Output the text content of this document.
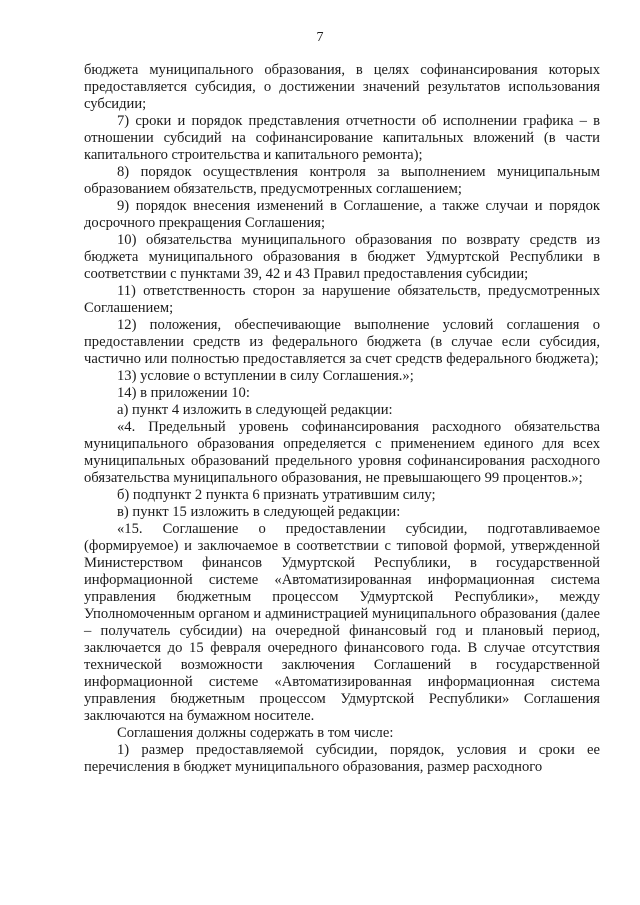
7

бюджета муниципального образования, в целях софинансирования которых предоставляется субсидия, о достижении значений результатов использования субсидии;

7) сроки и порядок представления отчетности об исполнении графика – в отношении субсидий на софинансирование капитальных вложений (в части капитального строительства и капитального ремонта);

8) порядок осуществления контроля за выполнением муниципальным образованием обязательств, предусмотренных соглашением;

9) порядок внесения изменений в Соглашение, а также случаи и порядок досрочного прекращения Соглашения;

10) обязательства муниципального образования по возврату средств из бюджета муниципального образования в бюджет Удмуртской Республики в соответствии с пунктами 39, 42 и 43 Правил предоставления субсидии;

11) ответственность сторон за нарушение обязательств, предусмотренных Соглашением;

12) положения, обеспечивающие выполнение условий соглашения о предоставлении средств из федерального бюджета (в случае если субсидия, частично или полностью предоставляется за счет средств федерального бюджета);

13) условие о вступлении в силу Соглашения.»;

14) в приложении 10:

а) пункт 4 изложить в следующей редакции:

«4. Предельный уровень софинансирования расходного обязательства муниципального образования определяется с применением единого для всех муниципальных образований предельного уровня софинансирования расходного обязательства муниципального образования, не превышающего 99 процентов.»;

б) подпункт 2 пункта 6 признать утратившим силу;

в) пункт 15 изложить в следующей редакции:

«15. Соглашение о предоставлении субсидии, подготавливаемое (формируемое) и заключаемое в соответствии с типовой формой, утвержденной Министерством финансов Удмуртской Республики, в государственной информационной системе «Автоматизированная информационная система управления бюджетным процессом Удмуртской Республики», между Уполномоченным органом и администрацией муниципального образования (далее – получатель субсидии) на очередной финансовый год и плановый период, заключается до 15 февраля очередного финансового года. В случае отсутствия технической возможности заключения Соглашений в государственной информационной системе «Автоматизированная информационная система управления бюджетным процессом Удмуртской Республики» Соглашения заключаются на бумажном носителе.

Соглашения должны содержать в том числе:

1) размер предоставляемой субсидии, порядок, условия и сроки ее перечисления в бюджет муниципального образования, размер расходного
